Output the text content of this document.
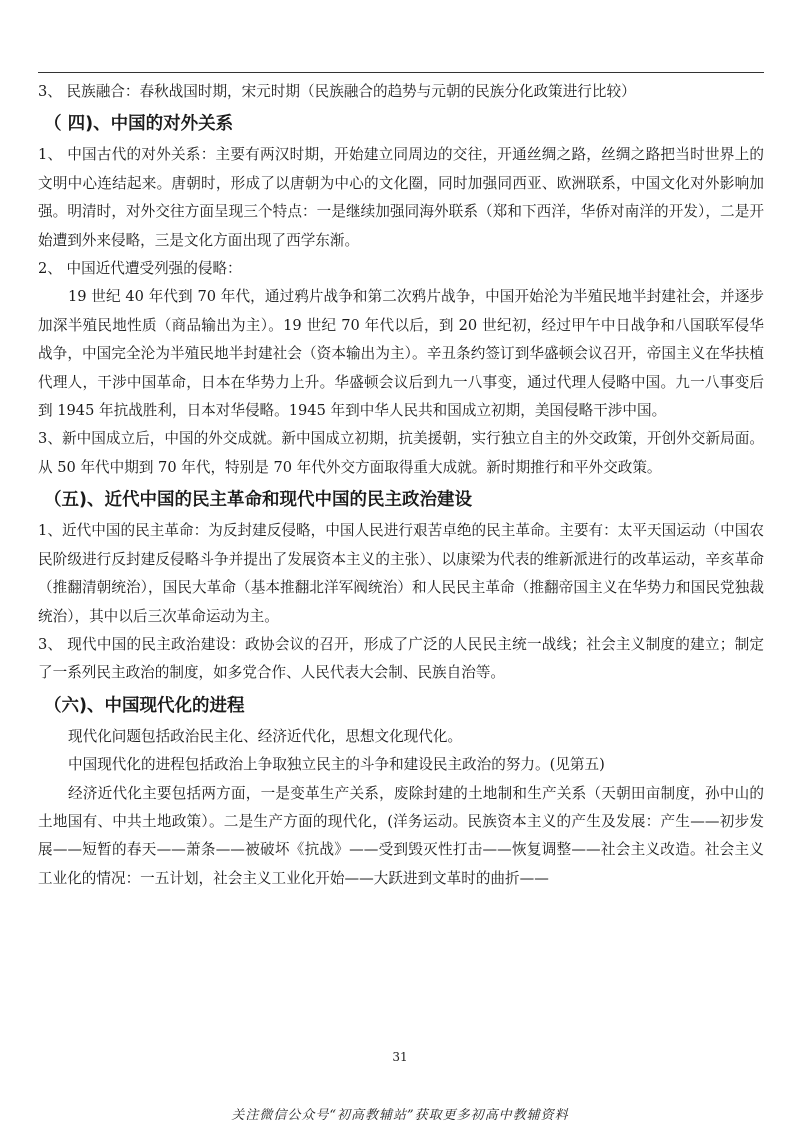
3、 民族融合：春秋战国时期，宋元时期（民族融合的趋势与元朝的民族分化政策进行比较）

（ 四)、中国的对外关系

1、 中国古代的对外关系：主要有两汉时期，开始建立同周边的交往，开通丝绸之路，丝绸之路把当时世界上的文明中心连结起来。唐朝时，形成了以唐朝为中心的文化圈，同时加强同西亚、欧洲联系，中国文化对外影响加强。明清时，对外交往方面呈现三个特点：一是继续加强同海外联系（郑和下西洋，华侨对南洋的开发），二是开始遭到外来侵略，三是文化方面出现了西学东渐。

2、 中国近代遭受列强的侵略：

19 世纪 40 年代到 70 年代，通过鸦片战争和第二次鸦片战争，中国开始沦为半殖民地半封建社会，并逐步加深半殖民地性质（商品输出为主）。19 世纪 70 年代以后，到 20 世纪初，经过甲午中日战争和八国联军侵华战争，中国完全沦为半殖民地半封建社会（资本输出为主）。辛丑条约签订到华盛顿会议召开，帝国主义在华扶植代理人，干涉中国革命，日本在华势力上升。华盛顿会议后到九一八事变，通过代理人侵略中国。九一八事变后到 1945 年抗战胜利，日本对华侵略。1945 年到中华人民共和国成立初期，美国侵略干涉中国。

3、新中国成立后，中国的外交成就。新中国成立初期，抗美援朝，实行独立自主的外交政策，开创外交新局面。从 50 年代中期到 70 年代，特别是 70 年代外交方面取得重大成就。新时期推行和平外交政策。

（五)、近代中国的民主革命和现代中国的民主政治建设

1、近代中国的民主革命：为反封建反侵略，中国人民进行艰苦卓绝的民主革命。主要有：太平天国运动（中国农民阶级进行反封建反侵略斗争并提出了发展资本主义的主张）、以康梁为代表的维新派进行的改革运动，辛亥革命（推翻清朝统治），国民大革命（基本推翻北洋军阀统治）和人民民主革命（推翻帝国主义在华势力和国民党独裁统治），其中以后三次革命运动为主。

3、 现代中国的民主政治建设：政协会议的召开，形成了广泛的人民民主统一战线；社会主义制度的建立；制定了一系列民主政治的制度，如多党合作、人民代表大会制、民族自治等。

（六)、中国现代化的进程

现代化问题包括政治民主化、经济近代化，思想文化现代化。

中国现代化的进程包括政治上争取独立民主的斗争和建设民主政治的努力。(见第五)

经济近代化主要包括两方面，一是变革生产关系，废除封建的土地制和生产关系（天朝田亩制度，孙中山的土地国有、中共土地政策）。二是生产方面的现代化，(洋务运动。民族资本主义的产生及发展：产生——初步发展——短暂的春天——萧条——被破坏《抗战》——受到毁灭性打击——恢复调整——社会主义改造。社会主义工业化的情况：一五计划，社会主义工业化开始——大跃进到文革时的曲折——

31
关注微信公众号“初高教辅站”获取更多初高中教辅资料
